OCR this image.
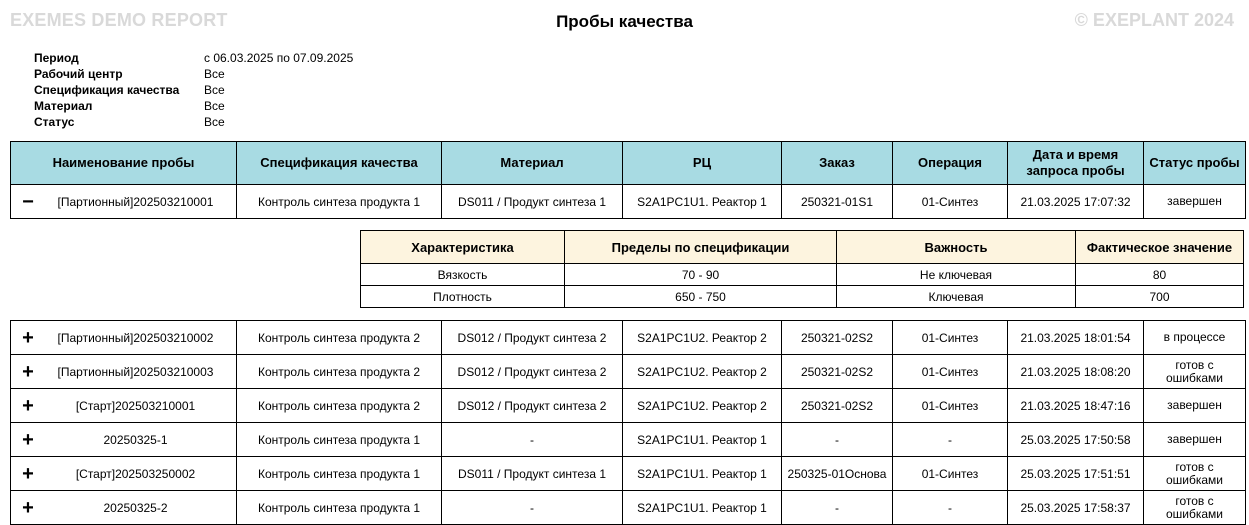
EXEMES DEMO REPORT	Пробы качества	© EXEPLANT 2024
Период	с 06.03.2025 по 07.09.2025
Рабочий центр	Все
Спецификация качества	Все
Материал	Все
Статус	Все
Наименование пробы	Спецификация качества	Материал	РЦ	Заказ	Операция	Дата и время запроса пробы	Статус пробы

− [Партионный]202503210001	Контроль синтеза продукта 1	DS011 / Продукт синтеза 1	S2A1PC1U1. Реактор 1	250321-01S1	01-Синтез	21.03.2025 17:07:32	завершен
Характеристика	Пределы по спецификации	Важность	Фактическое значение
Вязкость	70 - 90	Не ключевая	80
Плотность	650 - 750	Ключевая	700
+ [Партионный]202503210002	Контроль синтеза продукта 2	DS012 / Продукт синтеза 2	S2A1PC1U2. Реактор 2	250321-02S2	01-Синтез	21.03.2025 18:01:54	в процессе

+ [Партионный]202503210003	Контроль синтеза продукта 2	DS012 / Продукт синтеза 2	S2A1PC1U2. Реактор 2	250321-02S2	01-Синтез	21.03.2025 18:08:20	готов с ошибками

+ [Старт]202503210001	Контроль синтеза продукта 2	DS012 / Продукт синтеза 2	S2A1PC1U2. Реактор 2	250321-02S2	01-Синтез	21.03.2025 18:47:16	завершен

+ 20250325-1	Контроль синтеза продукта 1	-	S2A1PC1U1. Реактор 1	-	-	25.03.2025 17:50:58	завершен

+ [Старт]202503250002	Контроль синтеза продукта 1	DS011 / Продукт синтеза 1	S2A1PC1U1. Реактор 1	250325-01Основа	01-Синтез	25.03.2025 17:51:51	готов с ошибками

+ 20250325-2	Контроль синтеза продукта 1	-	S2A1PC1U1. Реактор 1	-	-	25.03.2025 17:58:37	готов с ошибками
